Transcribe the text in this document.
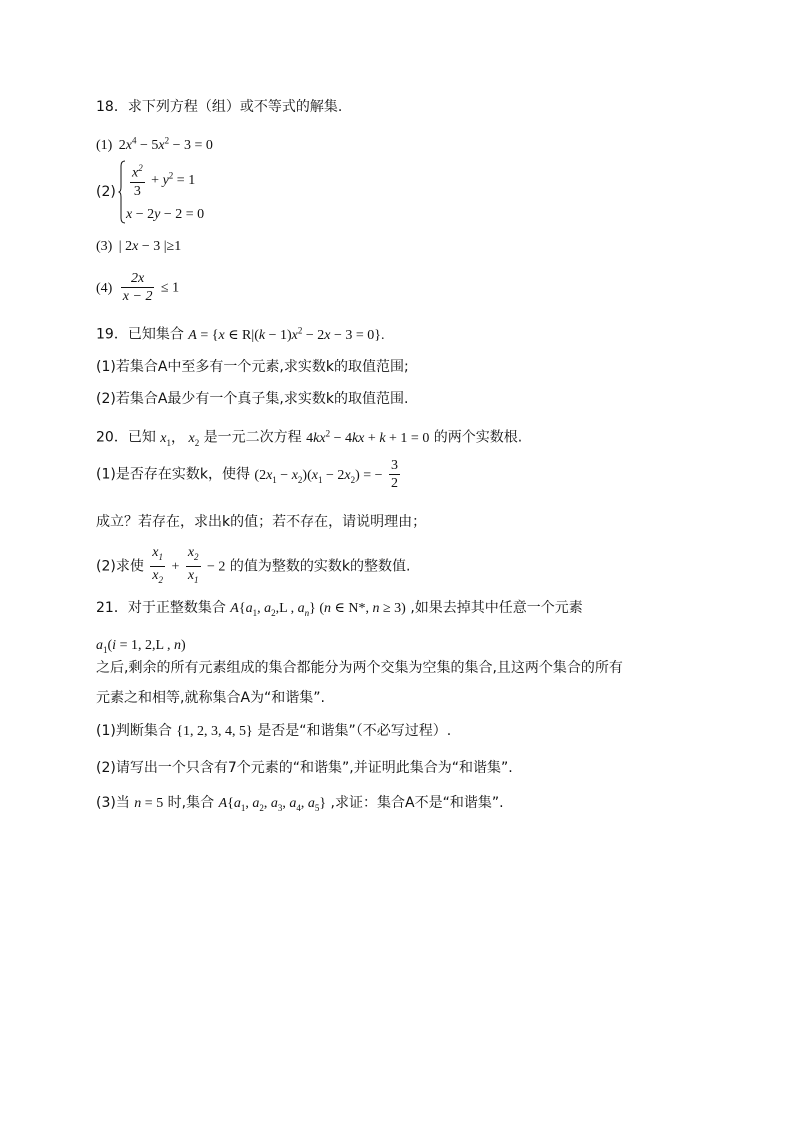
18．求下列方程（组）或不等式的解集.
(1) $2x^4 - 5x^2 - 3 = 0$
$(2) \frac{x^2}{3} + y^2 = 1$
x − 2y − 2 = 0
(3) | 2x − 3 |≥1
$(4) \frac{2x}{x - 2} \le 1$
19．已知集合 A = {x ∈ $R|(k - 1)x^2 - 2x - 3 = 0$}.
(1)若集合A中至多有一个元素,求实数k的取值范围;
(2)若集合A最少有一个真子集,求实数k的取值范围.
20．已知 $x_1$， $x_2$ 是一元二次方程 $4kx^2 - 4kx + k + 1 = 0$ 的两个实数根.
(1)是否存在实数k，使得 $(2x_1 - x_2)(x_1 - 2x_2)$ = − $\frac{3}{2}$
成立？若存在，求出k的值；若不存在，请说明理由；
(2)求使 $\frac{x_1}{x_2} + \frac{x_2}{x_1} - 2$ 的值为整数的实数k的整数值.
21．对于正整数集合 $A\{a_1$, $a_2,L$ , $a_n$} (n ∈ N*, n ≥ 3) ,如果去掉其中任意一个元素
$a_1(i = 1$, 2,L , n)
之后,剩余的所有元素组成的集合都能分为两个交集为空集的集合,且这两个集合的所有
元素之和相等,就称集合A为“和谐集”.
(1)判断集合 {1, 2, 3, 4, 5} 是否是“和谐集”（不必写过程）.
(2)请写出一个只含有7个元素的“和谐集”,并证明此集合为“和谐集”.
(3)当 n = 5 时,集合 $A\{a_1$, $a_2$, $a_3$, $a_4$, $a_5$} ,求证：集合A不是“和谐集”.
